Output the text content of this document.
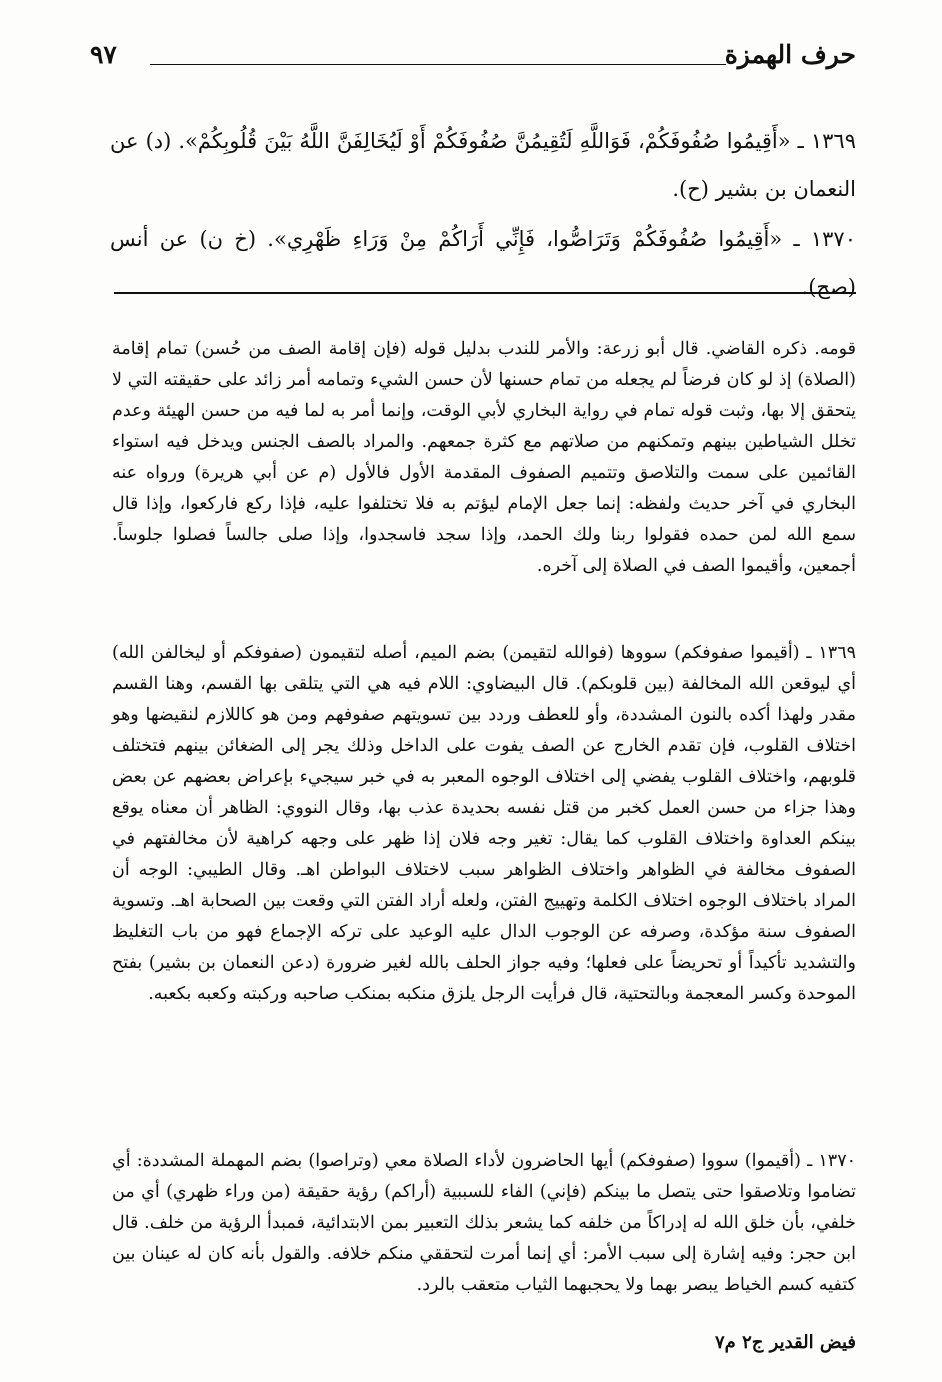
حرف الهمزة
٩٧

١٣٦٩ ـ «أَقِيمُوا صُفُوفَكُمْ، فَوَاللَّهِ لَتُقِيمُنَّ صُفُوفَكُمْ أَوْ لَيُخَالِفَنَّ اللَّهُ بَيْنَ قُلُوبِكُمْ». (د) عن النعمان بن بشير (ح).

١٣٧٠ ـ «أَقِيمُوا صُفُوفَكُمْ وَتَرَاصُّوا، فَإِنِّي أَرَاكُمْ مِنْ وَرَاءِ ظَهْرِي». (خ ن) عن أنس (صح).

قومه. ذكره القاضي. قال أبو زرعة: والأمر للندب بدليل قوله (فإن إقامة الصف من حُسن) تمام إقامة (الصلاة) إذ لو كان فرضاً لم يجعله من تمام حسنها لأن حسن الشيء وتمامه أمر زائد على حقيقته التي لا يتحقق إلا بها، وثبت قوله تمام في رواية البخاري لأبي الوقت، وإنما أمر به لما فيه من حسن الهيئة وعدم تخلل الشياطين بينهم وتمكنهم من صلاتهم مع كثرة جمعهم. والمراد بالصف الجنس ويدخل فيه استواء القائمين على سمت والتلاصق وتتميم الصفوف المقدمة الأول فالأول (م عن أبي هريرة) ورواه عنه البخاري في آخر حديث ولفظه: إنما جعل الإمام ليؤتم به فلا تختلفوا عليه، فإذا ركع فاركعوا، وإذا قال سمع الله لمن حمده فقولوا ربنا ولك الحمد، وإذا سجد فاسجدوا، وإذا صلى جالساً فصلوا جلوساً. أجمعين، وأقيموا الصف في الصلاة إلى آخره.

١٣٦٩ ـ (أقيموا صفوفكم) سووها (فوالله لتقيمن) بضم الميم، أصله لتقيمون (صفوفكم أو ليخالفن الله) أي ليوقعن الله المخالفة (بين قلوبكم). قال البيضاوي: اللام فيه هي التي يتلقى بها القسم، وهنا القسم مقدر ولهذا أكده بالنون المشددة، وأو للعطف وردد بين تسويتهم صفوفهم ومن هو كاللازم لنقيضها وهو اختلاف القلوب، فإن تقدم الخارج عن الصف يفوت على الداخل وذلك يجر إلى الضغائن بينهم فتختلف قلوبهم، واختلاف القلوب يفضي إلى اختلاف الوجوه المعبر به في خبر سيجيء بإعراض بعضهم عن بعض وهذا جزاء من حسن العمل كخبر من قتل نفسه بحديدة عذب بها، وقال النووي: الظاهر أن معناه يوقع بينكم العداوة واختلاف القلوب كما يقال: تغير وجه فلان إذا ظهر على وجهه كراهية لأن مخالفتهم في الصفوف مخالفة في الظواهر واختلاف الظواهر سبب لاختلاف البواطن اهـ. وقال الطيبي: الوجه أن المراد باختلاف الوجوه اختلاف الكلمة وتهييج الفتن، ولعله أراد الفتن التي وقعت بين الصحابة اهـ. وتسوية الصفوف سنة مؤكدة، وصرفه عن الوجوب الدال عليه الوعيد على تركه الإجماع فهو من باب التغليظ والتشديد تأكيداً أو تحريضاً على فعلها؛ وفيه جواز الحلف بالله لغير ضرورة (دعن النعمان بن بشير) بفتح الموحدة وكسر المعجمة وبالتحتية، قال فرأيت الرجل يلزق منكبه بمنكب صاحبه وركبته وكعبه بكعبه.

١٣٧٠ ـ (أقيموا) سووا (صفوفكم) أيها الحاضرون لأداء الصلاة معي (وتراصوا) بضم المهملة المشددة: أي تضاموا وتلاصقوا حتى يتصل ما بينكم (فإني) الفاء للسببية (أراكم) رؤية حقيقة (من وراء ظهري) أي من خلفي، بأن خلق الله له إدراكاً من خلفه كما يشعر بذلك التعبير بمن الابتدائية، فمبدأ الرؤية من خلف. قال ابن حجر: وفيه إشارة إلى سبب الأمر: أي إنما أمرت لتحققي منكم خلافه. والقول بأنه كان له عينان بين كتفيه كسم الخياط يبصر بهما ولا يحجبهما الثياب متعقب بالرد.

فيض القدير ج٢ م٧
